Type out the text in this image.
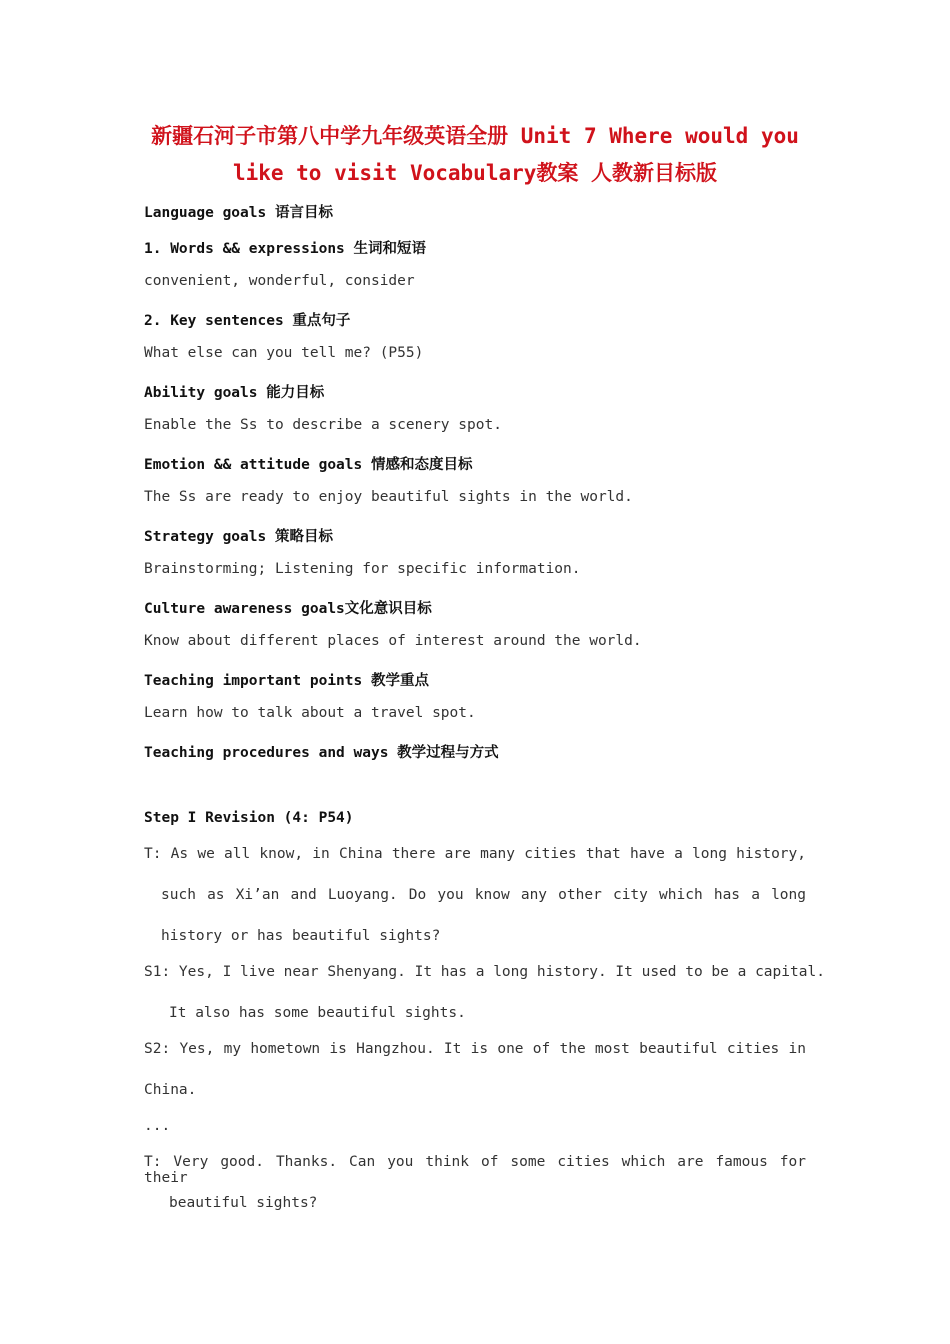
新疆石河子市第八中学九年级英语全册 Unit 7 Where would you
like to visit Vocabulary教案 人教新目标版
Language goals 语言目标
1. Words && expressions 生词和短语
convenient, wonderful, consider
2. Key sentences 重点句子
What else can you tell me? (P55)
Ability goals 能力目标
Enable the Ss to describe a scenery spot.
Emotion && attitude goals 情感和态度目标
The Ss are ready to enjoy beautiful sights in the world.
Strategy goals 策略目标
Brainstorming; Listening for specific information.
Culture awareness goals文化意识目标
Know about different places of interest around the world.
Teaching important points 教学重点
Learn how to talk about a travel spot.
Teaching procedures and ways 教学过程与方式
Step I Revision (4: P54)
T: As we all know, in China there are many cities that have a long history,
such as Xi’an and Luoyang. Do you know any other city which has a long
history or has beautiful sights?
S1: Yes, I live near Shenyang. It has a long history. It used to be a capital.
It also has some beautiful sights.
S2: Yes, my hometown is Hangzhou. It is one of the most beautiful cities in
China.
...
T: Very good. Thanks. Can you think of some cities which are famous for their
beautiful sights?
